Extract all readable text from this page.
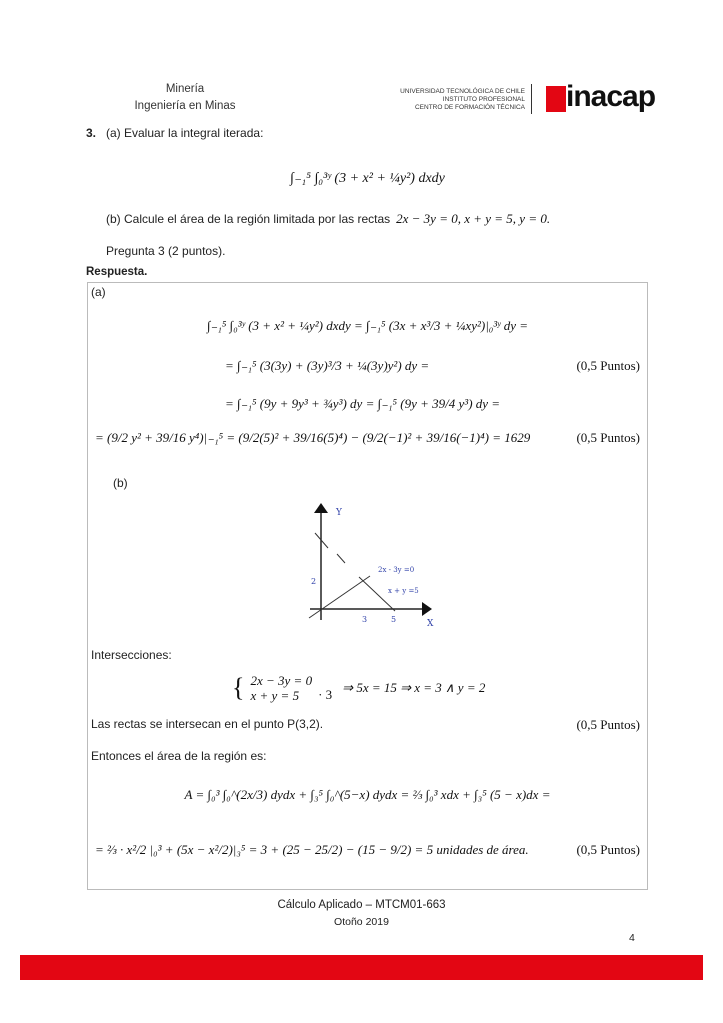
Minería
Ingeniería en Minas
UNIVERSIDAD TECNOLÓGICA DE CHILE
INSTITUTO PROFESIONAL
CENTRO DE FORMACIÓN TÉCNICA inacap
3. (a) Evaluar la integral iterada:
∫₋₁⁵ ∫₀³ʸ (3 + x² + ¼y²) dxdy
(b) Calcule el área de la región limitada por las rectas 2x − 3y = 0, x + y = 5, y = 0.
Pregunta 3 (2 puntos).
Respuesta.
(a)
∫₋₁⁵ ∫₀³ʸ (3 + x² + ¼y²) dxdy = ∫₋₁⁵ (3x + x³/3 + ¼xy²)|₀³ʸ dy =
= ∫₋₁⁵ (3(3y) + (3y)³/3 + ¼(3y)y²) dy =	(0,5 Puntos)
= ∫₋₁⁵ (9y + 9y³ + ¾y³) dy = ∫₋₁⁵ (9y + 39/4 y³) dy =
= (9/2 y² + 39/16 y⁴)|₋₁⁵ = (9/2(5)² + 39/16(5)⁴) − (9/2(−1)² + 39/16(−1)⁴) = 1629	(0,5 Puntos)
(b)
Y
X
2
3	5
2x - 3y =0
x + y =5
Intersecciones:
{ 2x − 3y = 0
x + y = 5	· 3 ⇒ 5x = 15 ⇒ x = 3 ∧ y = 2
Las rectas se intersecan en el punto P(3,2).	(0,5 Puntos)
Entonces el área de la región es:
A = ∫₀³ ∫₀^(2x/3) dydx + ∫₃⁵ ∫₀^(5−x) dydx = ⅔ ∫₀³ xdx + ∫₃⁵ (5 − x)dx =
= ⅔ · x²/2 |₀³ + (5x − x²/2)|₃⁵ = 3 + (25 − 25/2) − (15 − 9/2) = 5 unidades de área.	(0,5 Puntos)
Cálculo Aplicado – MTCM01-663
Otoño 2019
4
